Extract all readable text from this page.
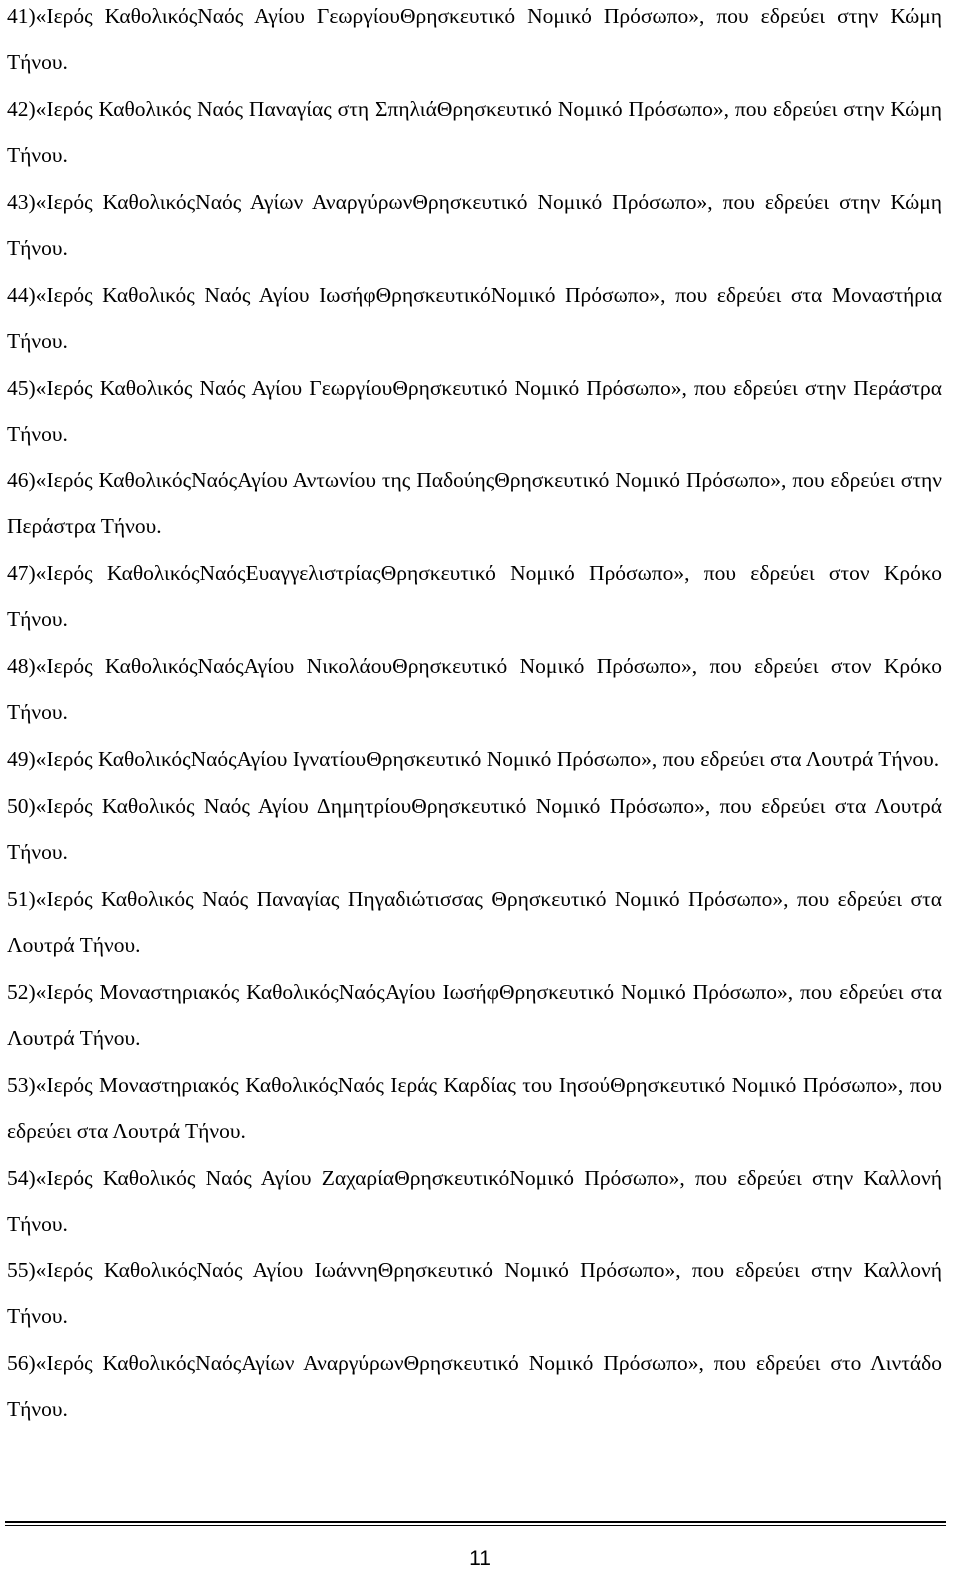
41)«Ιερός ΚαθολικόςΝαός Αγίου ΓεωργίουΘρησκευτικό Νομικό Πρόσωπο», που εδρεύει στην Κώμη Τήνου.

42)«Ιερός Καθολικός Ναός Παναγίας στη ΣπηλιάΘρησκευτικό Νομικό Πρόσωπο», που εδρεύει στην Κώμη Τήνου.

43)«Ιερός ΚαθολικόςΝαός Αγίων ΑναργύρωνΘρησκευτικό Νομικό Πρόσωπο», που εδρεύει στην Κώμη Τήνου.

44)«Ιερός Καθολικός Ναός Αγίου ΙωσήφΘρησκευτικόΝομικό Πρόσωπο», που εδρεύει στα Μοναστήρια Τήνου.

45)«Ιερός Καθολικός Ναός Αγίου ΓεωργίουΘρησκευτικό Νομικό Πρόσωπο», που εδρεύει στην Περάστρα Τήνου.

46)«Ιερός ΚαθολικόςΝαόςΑγίου Αντωνίου της ΠαδούηςΘρησκευτικό Νομικό Πρόσωπο», που εδρεύει στην Περάστρα Τήνου.

47)«Ιερός ΚαθολικόςΝαόςΕυαγγελιστρίαςΘρησκευτικό Νομικό Πρόσωπο», που εδρεύει στον Κρόκο Τήνου.

48)«Ιερός ΚαθολικόςΝαόςΑγίου ΝικολάουΘρησκευτικό Νομικό Πρόσωπο», που εδρεύει στον Κρόκο Τήνου.

49)«Ιερός ΚαθολικόςΝαόςΑγίου ΙγνατίουΘρησκευτικό Νομικό Πρόσωπο», που εδρεύει στα Λουτρά Τήνου.

50)«Ιερός Καθολικός Ναός Αγίου ΔημητρίουΘρησκευτικό Νομικό Πρόσωπο», που εδρεύει στα Λουτρά Τήνου.

51)«Ιερός Καθολικός Ναός Παναγίας Πηγαδιώτισσας Θρησκευτικό Νομικό Πρόσωπο», που εδρεύει στα Λουτρά Τήνου.

52)«Ιερός Μοναστηριακός ΚαθολικόςΝαόςΑγίου ΙωσήφΘρησκευτικό Νομικό Πρόσωπο», που εδρεύει στα Λουτρά Τήνου.

53)«Ιερός Μοναστηριακός ΚαθολικόςΝαός Ιεράς Καρδίας του ΙησούΘρησκευτικό Νομικό Πρόσωπο», που εδρεύει στα Λουτρά Τήνου.

54)«Ιερός Καθολικός Ναός Αγίου ΖαχαρίαΘρησκευτικόΝομικό Πρόσωπο», που εδρεύει στην Καλλονή Τήνου.

55)«Ιερός ΚαθολικόςΝαός Αγίου ΙωάννηΘρησκευτικό Νομικό Πρόσωπο», που εδρεύει στην Καλλονή Τήνου.

56)«Ιερός ΚαθολικόςΝαόςΑγίων ΑναργύρωνΘρησκευτικό Νομικό Πρόσωπο», που εδρεύει στο Λιντάδο Τήνου.

11
